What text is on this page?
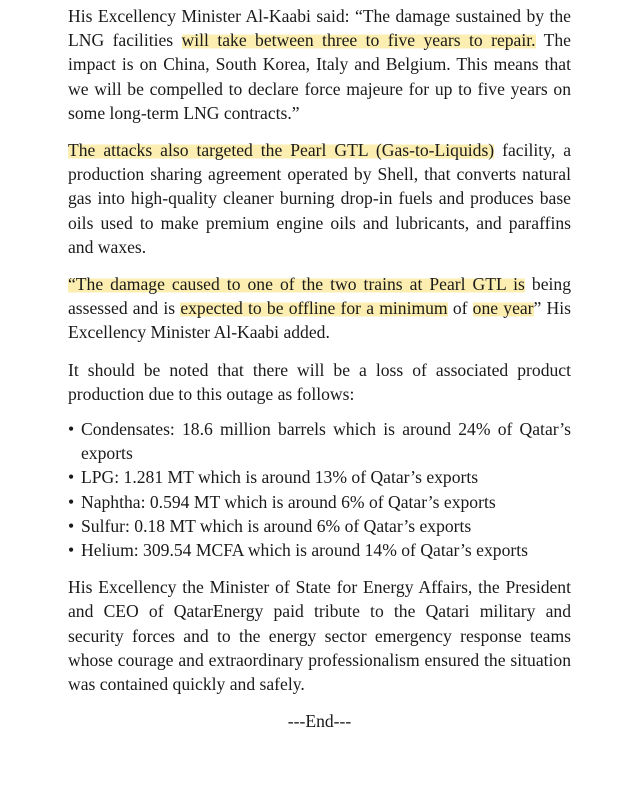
His Excellency Minister Al-Kaabi said: “The damage sustained by the LNG facilities will take between three to five years to repair. The impact is on China, South Korea, Italy and Belgium. This means that we will be compelled to declare force majeure for up to five years on some long-term LNG contracts.”

The attacks also targeted the Pearl GTL (Gas-to-Liquids) facility, a production sharing agreement operated by Shell, that converts natural gas into high-quality cleaner burning drop-in fuels and produces base oils used to make premium engine oils and lubricants, and paraffins and waxes.

“The damage caused to one of the two trains at Pearl GTL is being assessed and is expected to be offline for a minimum of one year” His Excellency Minister Al-Kaabi added.

It should be noted that there will be a loss of associated product production due to this outage as follows:

• Condensates: 18.6 million barrels which is around 24% of Qatar’s exports
• LPG: 1.281 MT which is around 13% of Qatar’s exports
• Naphtha: 0.594 MT which is around 6% of Qatar’s exports
• Sulfur: 0.18 MT which is around 6% of Qatar’s exports
• Helium: 309.54 MCFA which is around 14% of Qatar’s exports

His Excellency the Minister of State for Energy Affairs, the President and CEO of QatarEnergy paid tribute to the Qatari military and security forces and to the energy sector emergency response teams whose courage and extraordinary professionalism ensured the situation was contained quickly and safely.

---End---
